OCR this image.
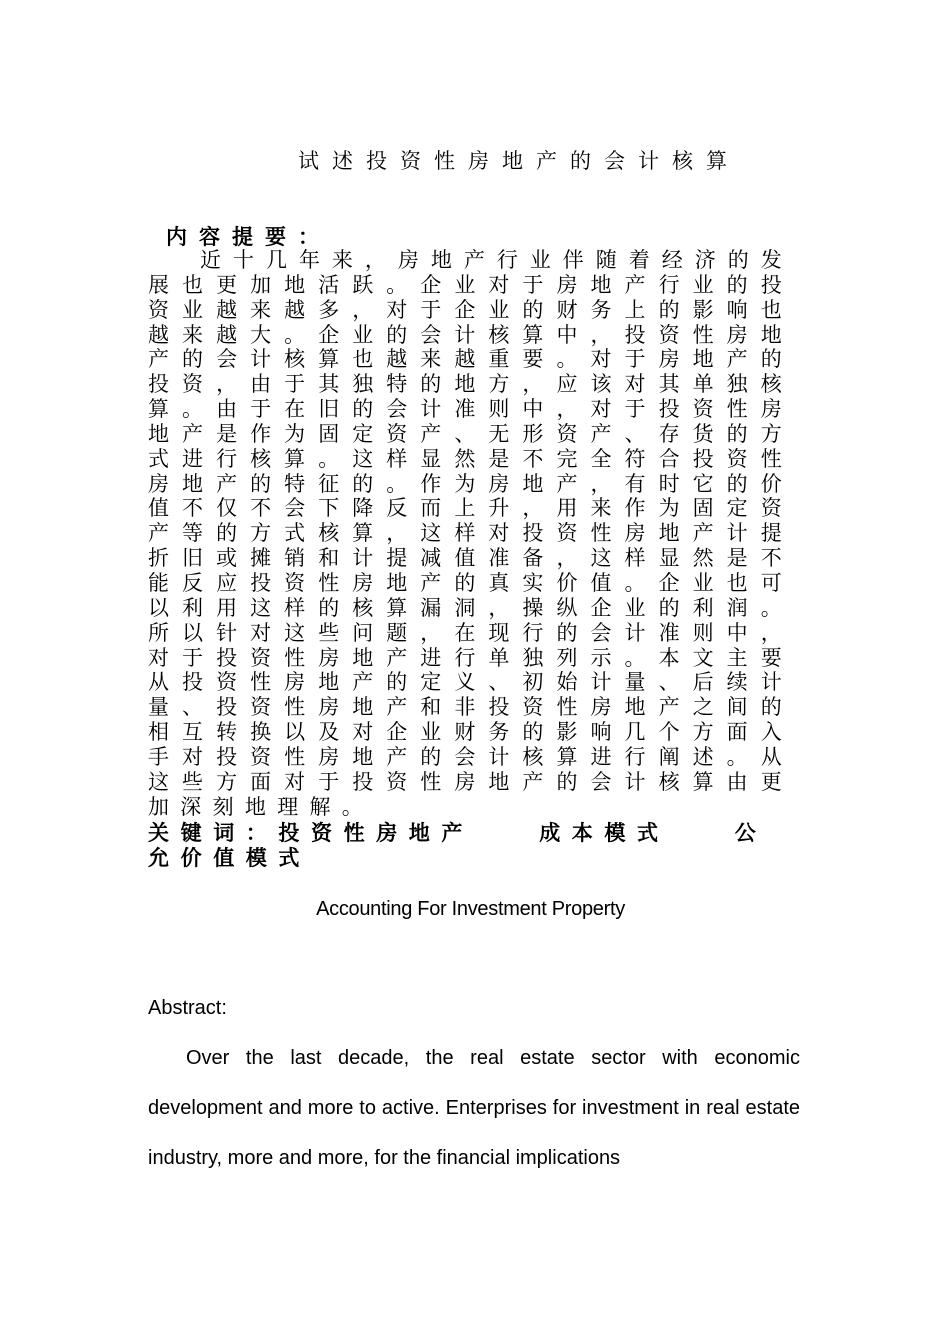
试述投资性房地产的会计核算
内容提要：

近十几年来，房地产行业伴随着经济的发展也更加地活跃。企业对于房地产行业的投资业越来越多，对于企业的财务上的影响也越来越大。企业的会计核算中，投资性房地产的会计核算也越来越重要。对于房地产的投资，由于其独特的地方，应该对其单独核算。由于在旧的会计准则中，对于投资性房地产是作为固定资产、无形资产、存货的方式进行核算。这样显然是不完全符合投资性房地产的特征的。作为房地产，有时它的价值不仅不会下降反而上升，用来作为固定资产等的方式核算，这样对投资性房地产计提折旧或摊销和计提减值准备，这样显然是不能反应投资性房地产的真实价值。企业也可以利用这样的核算漏洞，操纵企业的利润。所以针对这些问题，在现行的会计准则中，对于投资性房地产进行单独列示。本文主要从投资性房地产的定义、初始计量、后续计量、投资性房地产和非投资性房地产之间的相互转换以及对企业财务的影响几个方面入手对投资性房地产的会计核算进行阐述。从这些方面对于投资性房地产的会计核算由更加深刻地理解。

关键词：投资性房地产　　成本模式　　公允价值模式

Accounting For Investment Property
Abstract:

Over the last decade, the real estate sector with economic development and more to active. Enterprises for investment in real estate industry, more and more, for the financial implications
